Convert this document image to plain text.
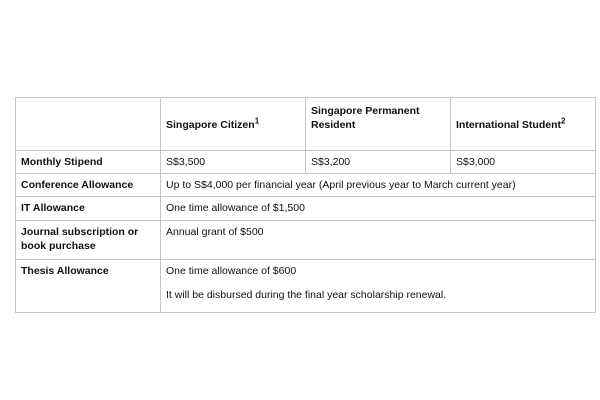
	Singapore Citizen$^1$	Singapore Permanent Resident	International Student$^2$
Monthly Stipend	S$3,500	S$3,200	S$3,000
Conference Allowance	Up to S$4,000 per financial year (April previous year to March current year)		
IT Allowance	One time allowance of $1,500		
Journal subscription or book purchase	Annual grant of $500		
Thesis Allowance	One time allowance of $600
It will be disbursed during the final year scholarship renewal.		
